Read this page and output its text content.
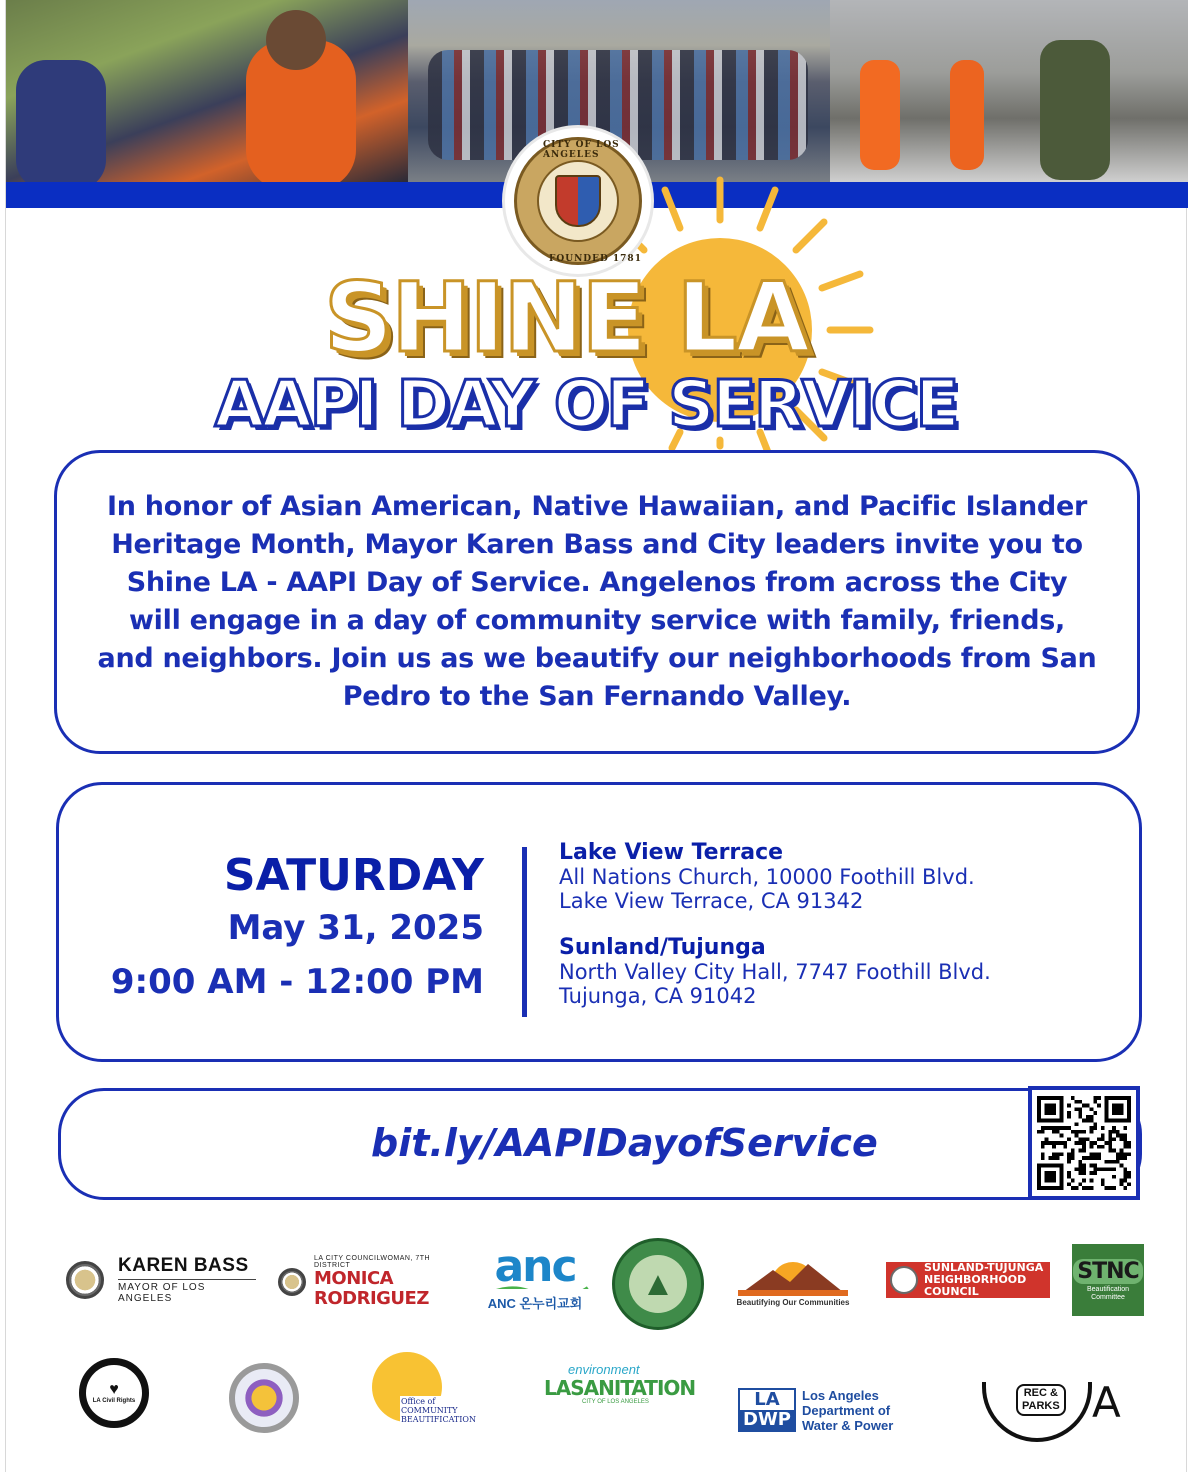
CITY OF LOS ANGELES
FOUNDED 1781
SHINE LA
AAPI DAY OF SERVICE

In honor of Asian American, Native Hawaiian, and Pacific Islander Heritage Month, Mayor Karen Bass and City leaders invite you to Shine LA - AAPI Day of Service. Angelenos from across the City will engage in a day of community service with family, friends, and neighbors. Join us as we beautify our neighborhoods from San Pedro to the San Fernando Valley.

SATURDAY
May 31, 2025
9:00 AM - 12:00 PM
Lake View Terrace
All Nations Church, 10000 Foothill Blvd.
Lake View Terrace, CA 91342
Sunland/Tujunga
North Valley City Hall, 7747 Foothill Blvd.
Tujunga, CA 91042
bit.ly/AAPIDayofService
KAREN BASS
MAYOR OF LOS ANGELES
LA CITY COUNCILWOMAN, 7TH DISTRICT
MONICA RODRIGUEZ
anc
ANC 온누리교회
▲	Beautifying Our Communities
SUNLAND-TUJUNGA
NEIGHBORHOOD COUNCIL
STNC
Beautification Committee
♥
LA Civil Rights	Office of
COMMUNITY
BEAUTIFICATION
environment
LASANITATION
CITY OF LOS ANGELES	LA
DWP
Los Angeles
Department of
Water & Power
REC &
PARKS A
